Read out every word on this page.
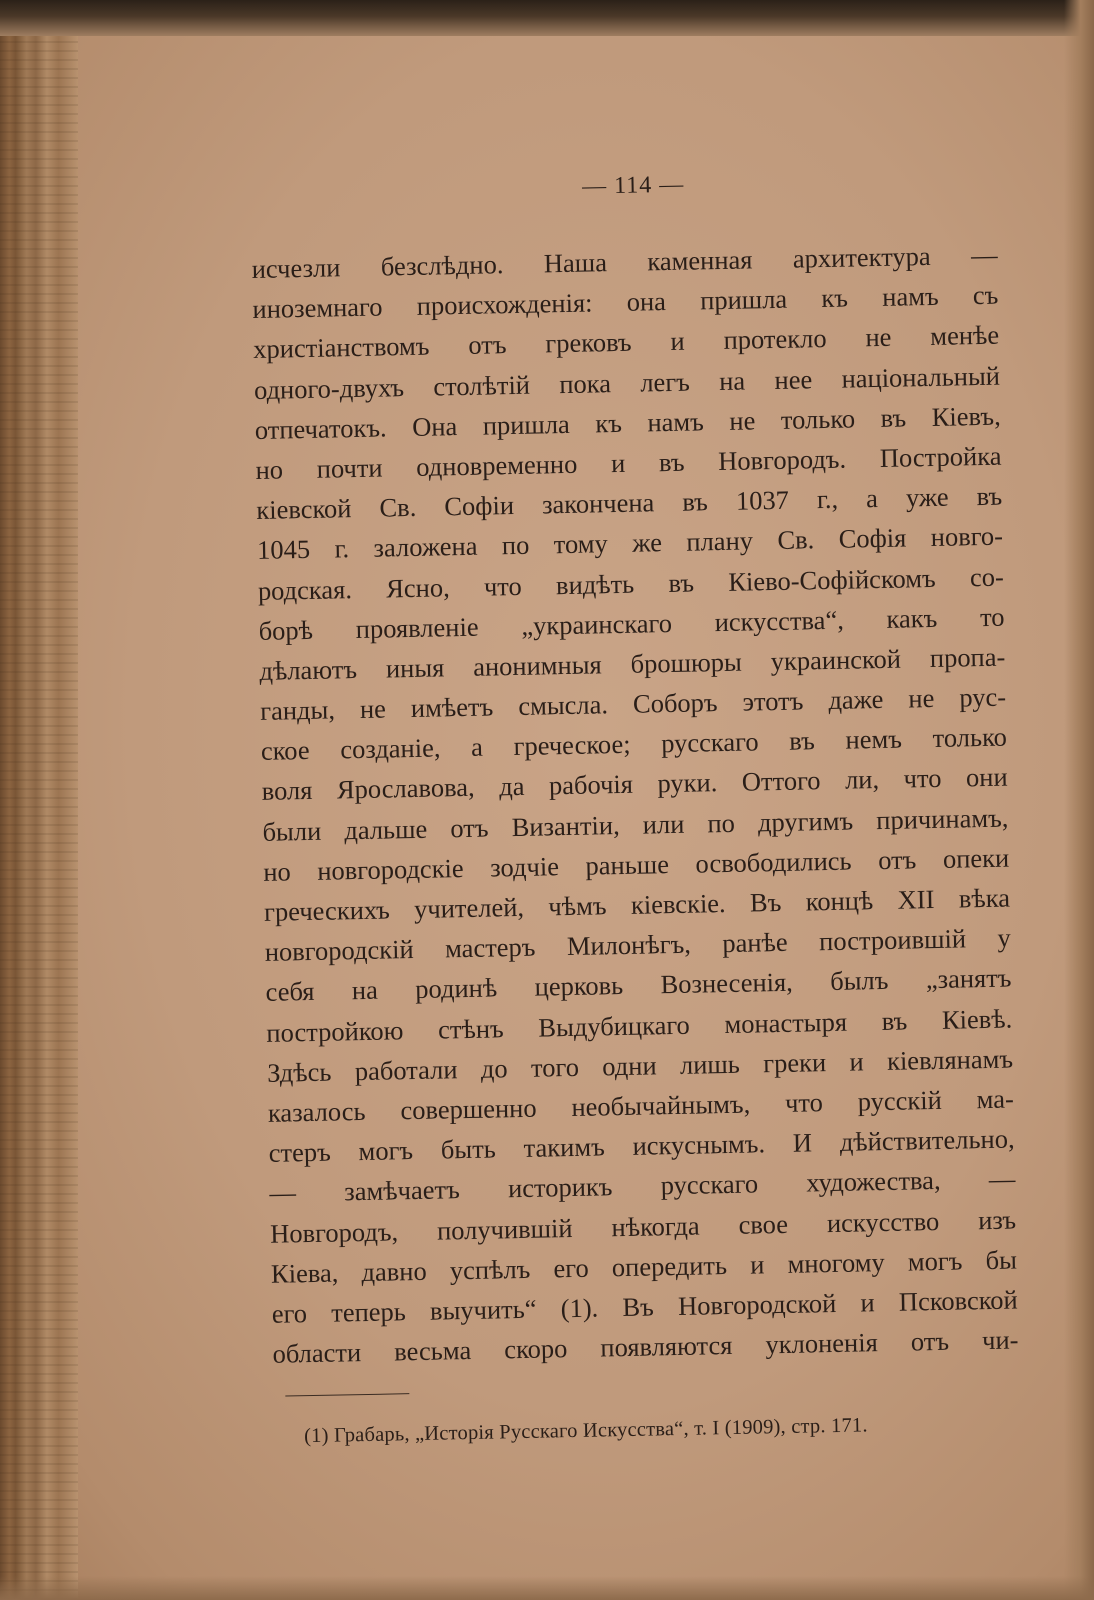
— 114 —
исчезли безслѣдно. Наша каменная архитектура —
иноземнаго происхожденія: она пришла къ намъ съ
христіанствомъ отъ грековъ и протекло не менѣе
одного-двухъ столѣтій пока легъ на нее національный
отпечатокъ. Она пришла къ намъ не только въ Кіевъ,
но почти одновременно и въ Новгородъ. Постройка
кіевской Св. Софіи закончена въ 1037 г., а уже въ
1045 г. заложена по тому же плану Св. Софія новго-
родская. Ясно, что видѣть въ Кіево-Софійскомъ со-
борѣ проявленіе „украинскаго искусства“, какъ то
дѣлаютъ иныя анонимныя брошюры украинской пропа-
ганды, не имѣетъ смысла. Соборъ этотъ даже не рус-
ское созданіе, а греческое; русскаго въ немъ только
воля Ярославова, да рабочія руки. Оттого ли, что они
были дальше отъ Византіи, или по другимъ причинамъ,
но новгородскіе зодчіе раньше освободились отъ опеки
греческихъ учителей, чѣмъ кіевскіе. Въ концѣ XII вѣка
новгородскій мастеръ Милонѣгъ, ранѣе построившій у
себя на родинѣ церковь Вознесенія, былъ „занятъ
постройкою стѣнъ Выдубицкаго монастыря въ Кіевѣ.
Здѣсь работали до того одни лишь греки и кіевлянамъ
казалось совершенно необычайнымъ, что русскій ма-
стеръ могъ быть такимъ искуснымъ. И дѣйствительно,
— замѣчаетъ историкъ русскаго художества, —
Новгородъ, получившій нѣкогда свое искусство изъ
Кіева, давно успѣлъ его опередить и многому могъ бы
его теперь выучить“ (1). Въ Новгородской и Псковской
области весьма скоро появляются уклоненія отъ чи-
(1) Грабарь, „Исторія Русскаго Искусства“, т. I (1909), стр. 171.
